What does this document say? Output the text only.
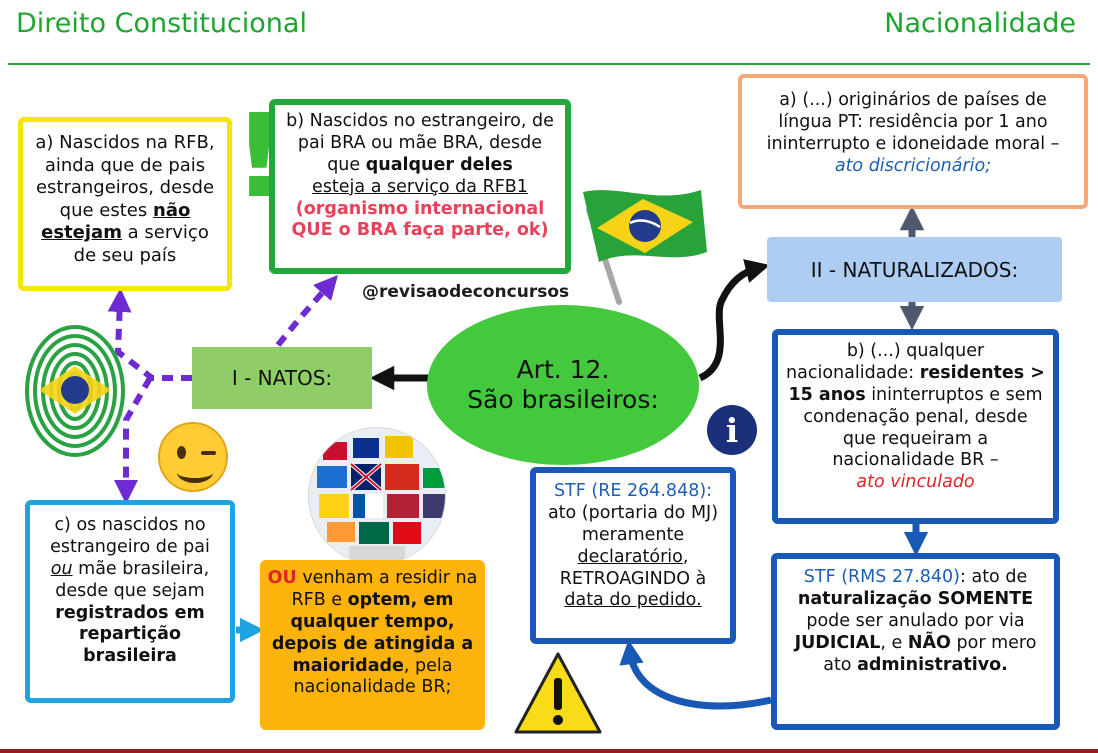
Direito Constitucional	Nacionalidade
a) Nascidos na RFB, ainda que de pais estrangeiros, desde que estes não estejam a serviço de seu país
! b) Nascidos no estrangeiro, de pai BRA ou mãe BRA, desde que qualquer deles
esteja a serviço da RFB1
(organismo internacional QUE o BRA faça parte, ok)
@revisaodeconcursos
I - NATOS:	Art. 12.
São brasileiros:
c) os nascidos no estrangeiro de pai ou mãe brasileira, desde que sejam registrados em repartição brasileira
OU venham a residir na RFB e optem, em qualquer tempo, depois de atingida a maioridade, pela nacionalidade BR;
a) (...) originários de países de língua PT: residência por 1 ano ininterrupto e idoneidade moral – ato discricionário;
II - NATURALIZADOS:
b) (...) qualquer nacionalidade: residentes > 15 anos ininterruptos e sem condenação penal, desde que requeiram a nacionalidade BR –
ato vinculado
i
STF (RE 264.848):
ato (portaria do MJ) meramente declaratório, RETROAGINDO à data do pedido.
STF (RMS 27.840): ato de naturalização SOMENTE pode ser anulado por via JUDICIAL, e NÃO por mero ato administrativo.
